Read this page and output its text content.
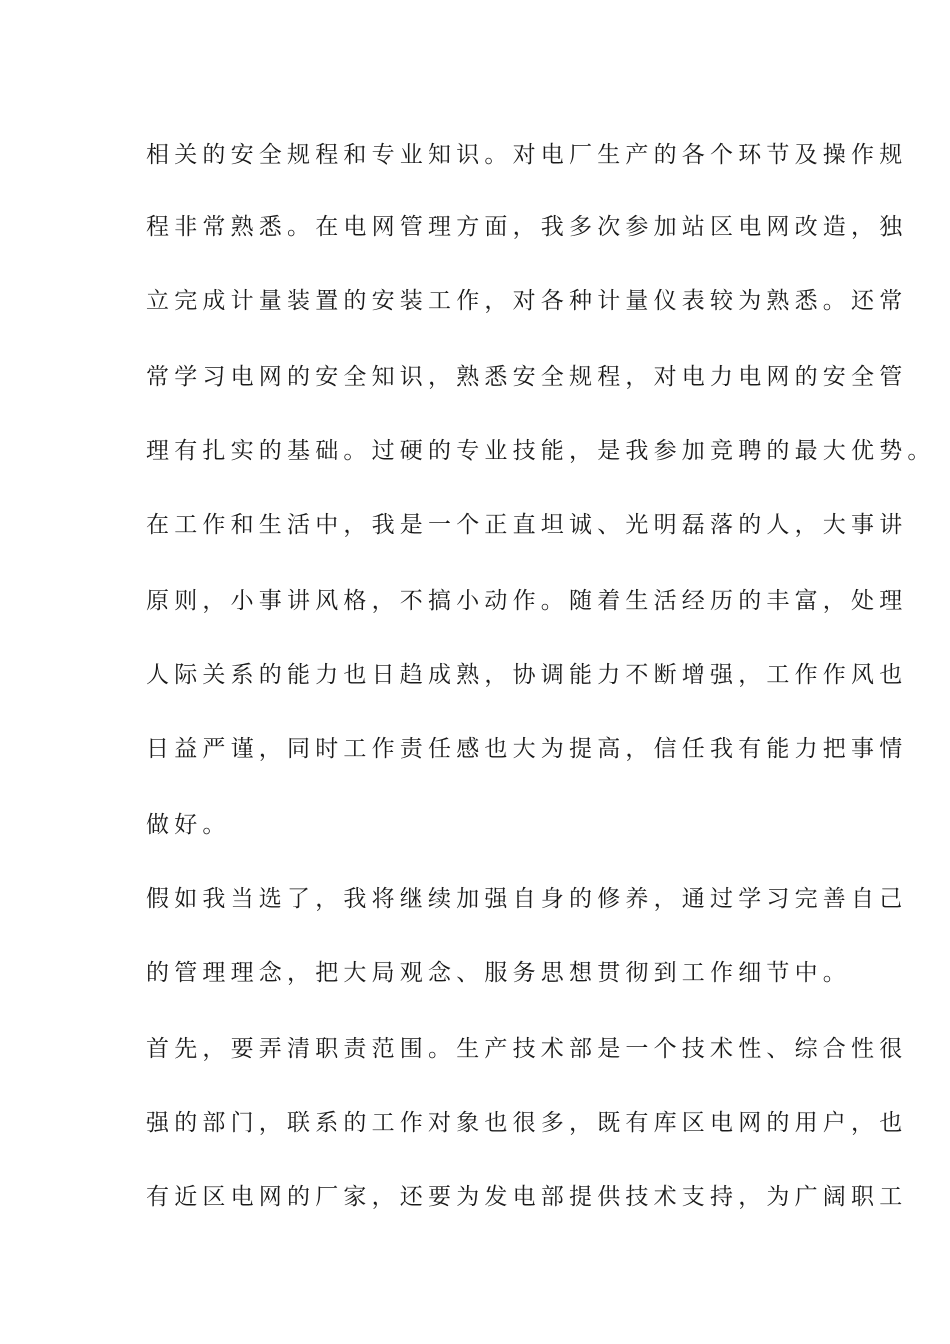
相关的安全规程和专业知识。对电厂生产的各个环节及操作规
程非常熟悉。在电网管理方面，我多次参加站区电网改造，独
立完成计量装置的安装工作，对各种计量仪表较为熟悉。还常
常学习电网的安全知识，熟悉安全规程，对电力电网的安全管
理有扎实的基础。过硬的专业技能，是我参加竞聘的最大优势。
在工作和生活中，我是一个正直坦诚、光明磊落的人，大事讲
原则，小事讲风格，不搞小动作。随着生活经历的丰富，处理
人际关系的能力也日趋成熟，协调能力不断增强，工作作风也
日益严谨，同时工作责任感也大为提高，信任我有能力把事情
做好。
假如我当选了，我将继续加强自身的修养，通过学习完善自己
的管理理念，把大局观念、服务思想贯彻到工作细节中。
首先，要弄清职责范围。生产技术部是一个技术性、综合性很
强的部门，联系的工作对象也很多，既有库区电网的用户，也
有近区电网的厂家，还要为发电部提供技术支持，为广阔职工
